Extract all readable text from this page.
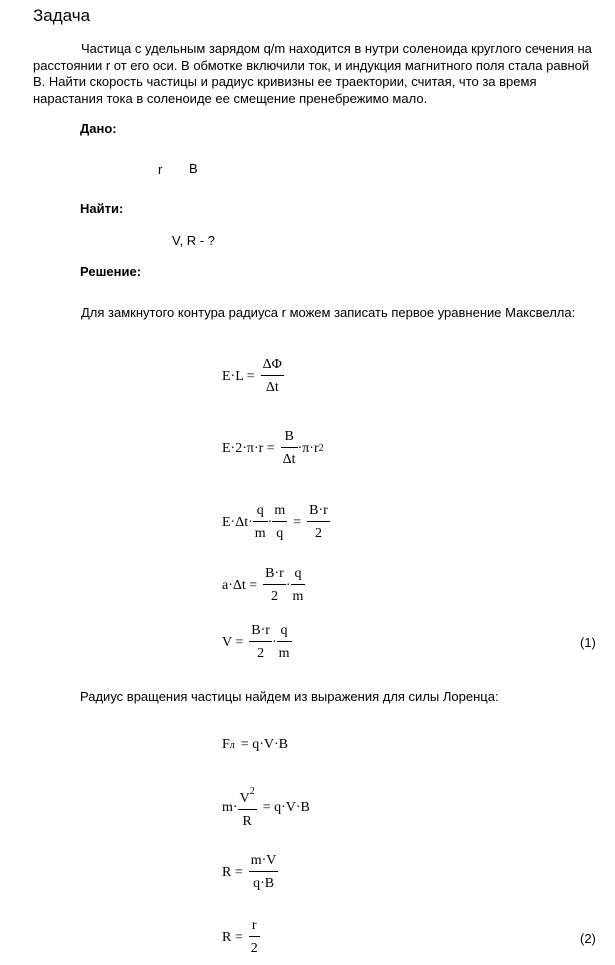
Задача
Частица с удельным зарядом q/m находится в нутри соленоида круглого сечения на расстоянии r от его оси. В обмотке включили ток, и индукция магнитного поля стала равной B. Найти скорость частицы и радиус кривизны ее траектории, считая, что за время нарастания тока в соленоиде ее смещение пренебрежимо мало.
Дано:
r B
Найти:
V, R - ?
Решение:
Для замкнутого контура радиуса r можем записать первое уравнение Максвелла:
$E\cdot L = \frac{\Delta\Phi}{\Delta t}$
$E\cdot 2\cdot\pi\cdot r = \frac{B}{\Delta t} \cdot\pi\cdot r$ 2
$E\cdot\Delta t\cdot \frac{q}{m} \cdot \frac{m}{q} = \frac{B\cdot r}{2}$
$a\cdot\Delta t = \frac{B\cdot r}{2} \cdot \frac{q}{m}$
$V = \frac{B\cdot r}{2} \cdot \frac{q}{m}$	(1)
Радиус вращения частицы найдем из выражения для силы Лоренца:
F л = q·V·B
$m\cdot \frac{V^2}{R} = q\cdot V\cdot B$
$R = \frac{m\cdot V}{q\cdot B}$
$R = \frac{r}{2}$	(2)
